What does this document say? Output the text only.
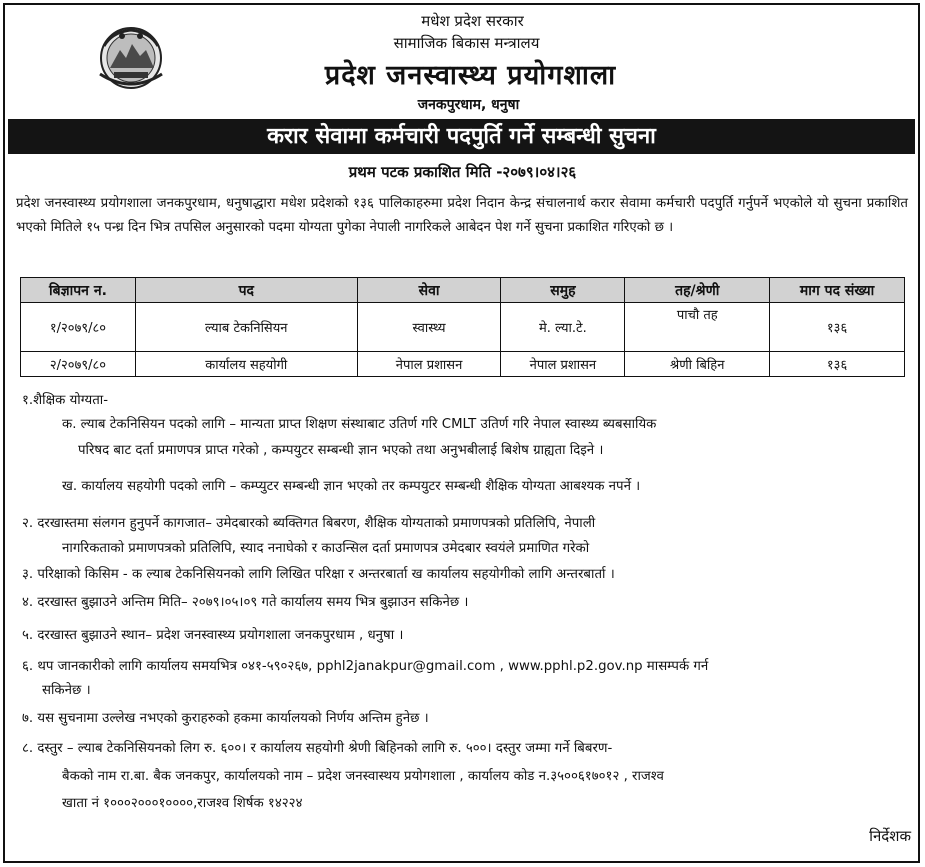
मधेश प्रदेश सरकार
सामाजिक बिकास मन्त्रालय
प्रदेश जनस्वास्थ्य प्रयोगशाला
जनकपुरधाम, धनुषा
करार सेवामा कर्मचारी पदपुर्ति गर्ने सम्बन्धी सुचना
प्रथम पटक प्रकाशित मिति -२०७९।०४।२६
प्रदेश जनस्वास्थ्य प्रयोगशाला जनकपुरधाम, धनुषाद्धारा मधेश प्रदेशको १३६ पालिकाहरुमा प्रदेश निदान केन्द्र संचालनार्थ करार सेवामा कर्मचारी पदपुर्ति गर्नुपर्ने भएकोले यो सुचना प्रकाशित भएको मितिले १५ पन्ध्र दिन भित्र तपसिल अनुसारको पदमा योग्यता पुगेका नेपाली नागरिकले आबेदन पेश गर्ने सुचना प्रकाशित गरिएको छ ।
बिज्ञापन न.	पद	सेवा	समुह	तह/श्रेणी	माग पद संख्या
१/२०७९/८०	ल्याब टेकनिसियन	स्वास्थ्य	मे. ल्या.टे.	पाचौ तह	१३६
२/२०७९/८०	कार्यालय सहयोगी	नेपाल प्रशासन	नेपाल प्रशासन	श्रेणी बिहिन	१३६
१.शैक्षिक योग्यता-
क. ल्याब टेकनिसियन पदको लागि – मान्यता प्राप्त शिक्षण संस्थाबाट उतिर्ण गरि CMLT उतिर्ण गरि नेपाल स्वास्थ्य ब्यबसायिक
परिषद बाट दर्ता प्रमाणपत्र प्राप्त गरेको , कम्पयुटर सम्बन्धी ज्ञान भएको तथा अनुभबीलाई बिशेष ग्राह्यता दिइने ।
ख. कार्यालय सहयोगी पदको लागि – कम्प्युटर सम्बन्धी ज्ञान भएको तर कम्पयुटर सम्बन्धी शैक्षिक योग्यता आबश्यक नपर्ने ।
२. दरखास्तमा संलगन हुनुपर्ने कागजात– उमेदबारको ब्यक्तिगत बिबरण, शैक्षिक योग्यताको प्रमाणपत्रको प्रतिलिपि, नेपाली
नागरिकताको प्रमाणपत्रको प्रतिलिपि, स्याद ननाघेको र काउन्सिल दर्ता प्रमाणपत्र उमेदबार स्वयंले प्रमाणित गरेको
३. परिक्षाको किसिम - क ल्याब टेकनिसियनको लागि लिखित परिक्षा र अन्तरबार्ता ख कार्यालय सहयोगीको लागि अन्तरबार्ता ।
४. दरखास्त बुझाउने अन्तिम मिति– २०७९।०५।०९ गते कार्यालय समय भित्र बुझाउन सकिनेछ ।
५. दरखास्त बुझाउने स्थान– प्रदेश जनस्वास्थ्य प्रयोगशाला जनकपुरधाम , धनुषा ।
६. थप जानकारीको लागि कार्यालय समयभित्र ०४१-५९०२६७, pphl2janakpur@gmail.com , www.pphl.p2.gov.np मासम्पर्क गर्न
सकिनेछ ।
७. यस सुचनामा उल्लेख नभएको कुराहरुको हकमा कार्यालयको निर्णय अन्तिम हुनेछ ।
८. दस्तुर – ल्याब टेकनिसियनको लिग रु. ६००। र कार्यालय सहयोगी श्रेणी बिहिनको लागि रु. ५००। दस्तुर जम्मा गर्ने बिबरण-
बैकको नाम रा.बा. बैक जनकपुर, कार्यालयको नाम – प्रदेश जनस्वास्थय प्रयोगशाला , कार्यालय कोड न.३५००६१७०१२ , राजश्व
खाता नं १०००२०००१००००,राजश्व शिर्षक १४२२४
निर्देशक
